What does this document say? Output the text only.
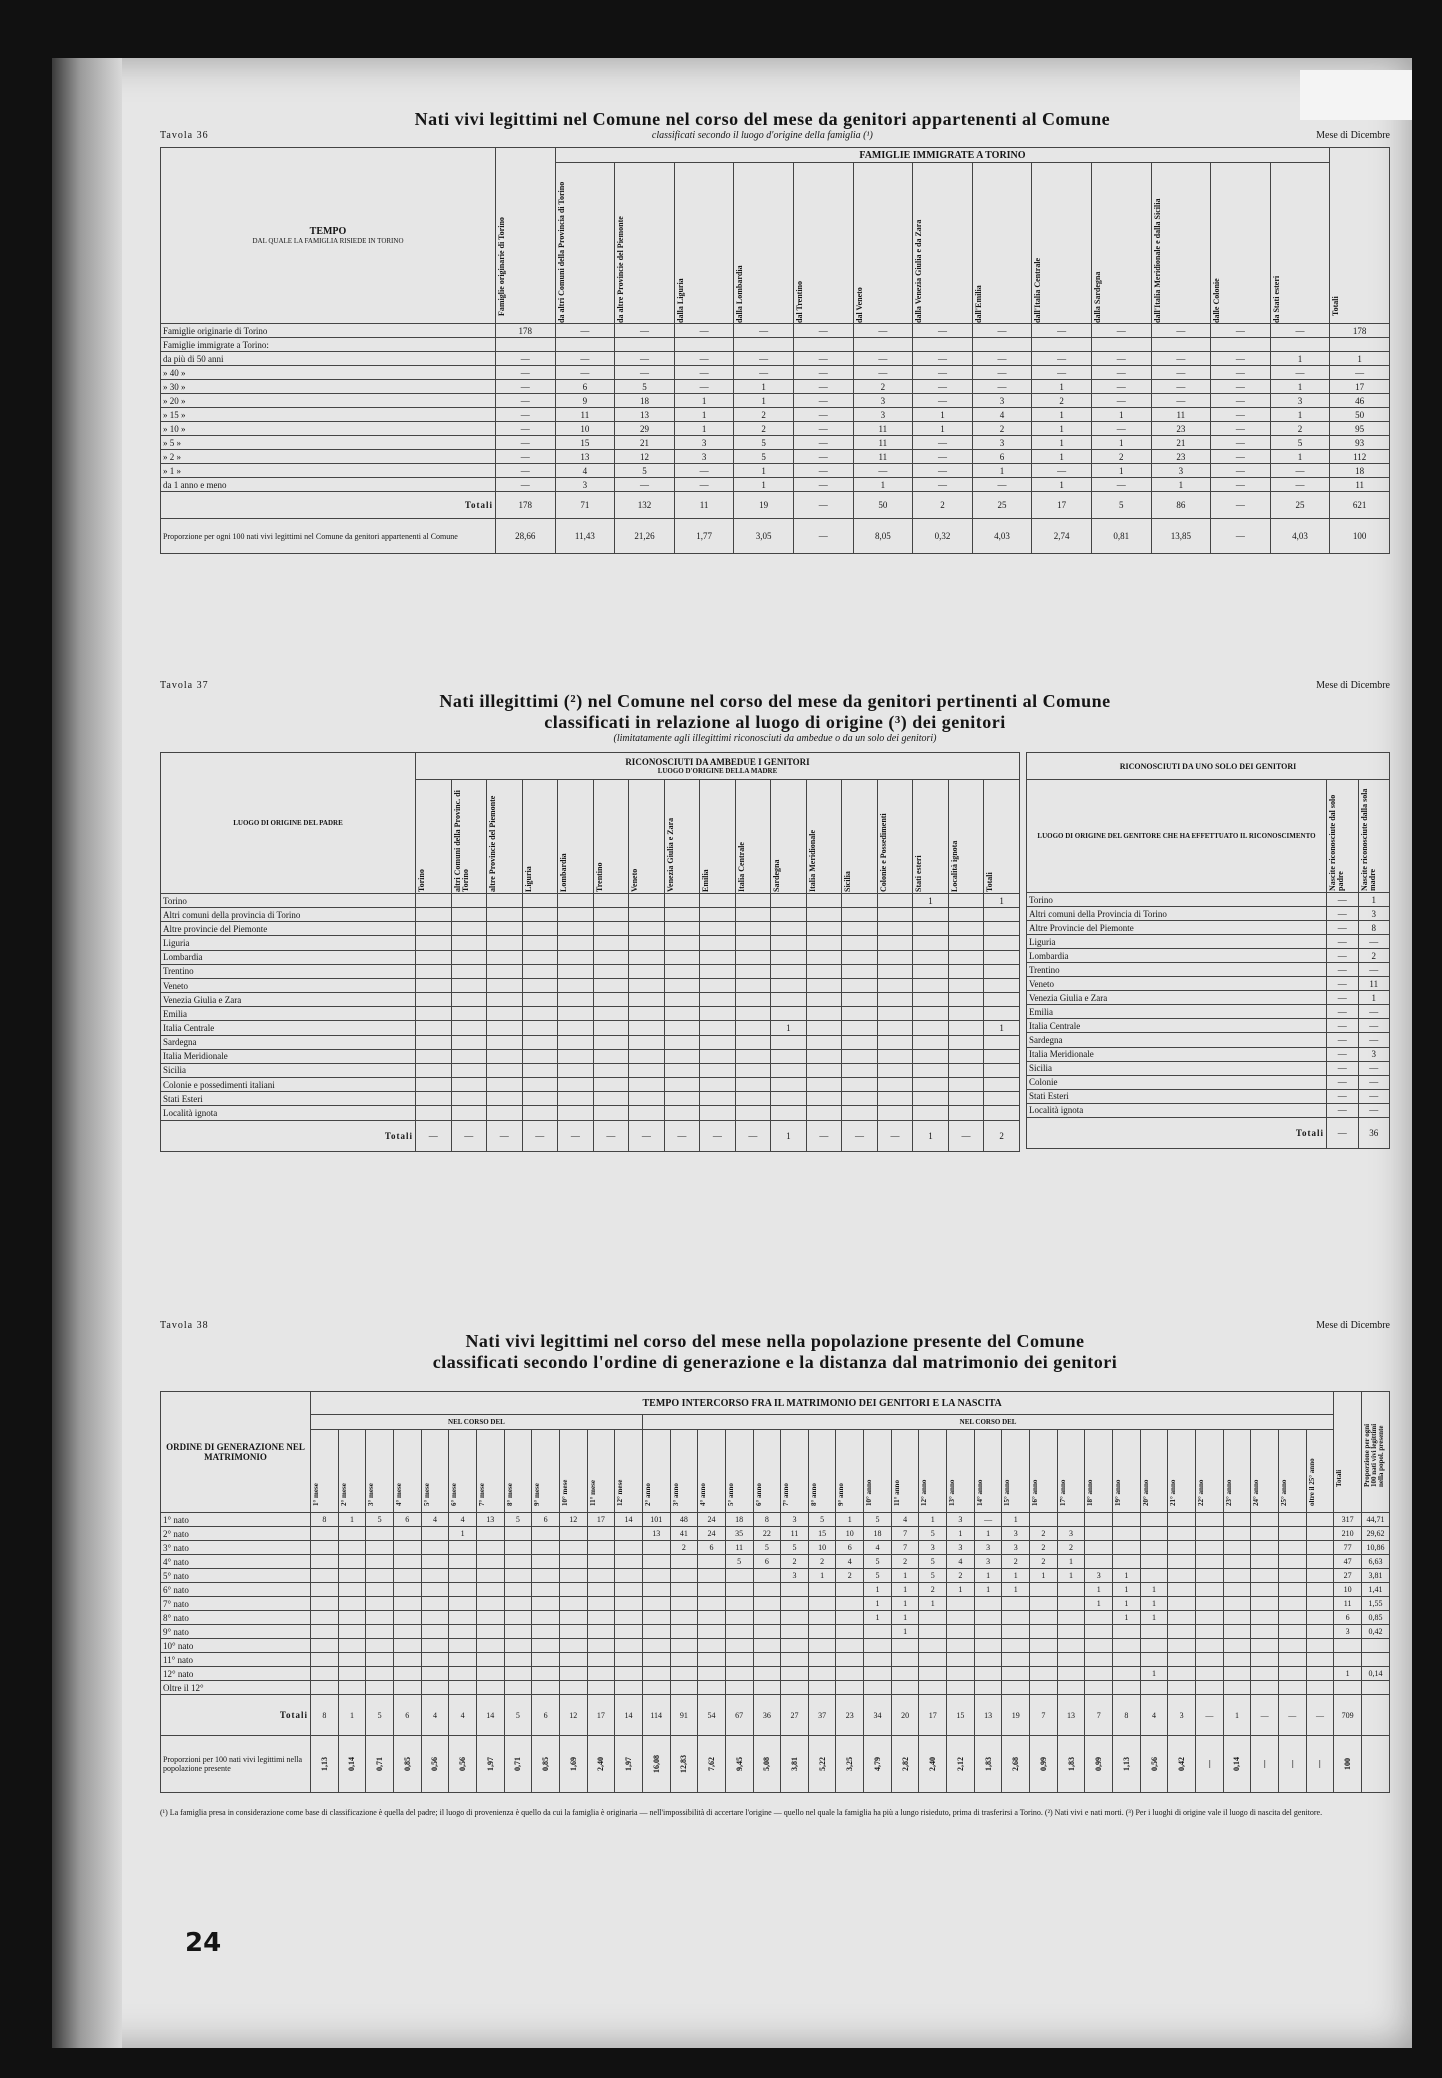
Tavola 36
Nati vivi legittimi nel Comune nel corso del mese da genitori appartenenti al Comune
classificati secondo il luogo d'origine della famiglia (¹)	Mese di Dicembre
TEMPO
DAL QUALE LA FAMIGLIA RISIEDE IN TORINO	Famiglie originarie di Torino	FAMIGLIE IMMIGRATE A TORINO													Totali

		da altri Comuni della Provincia di Torino	da altre Provincie del Piemonte	dalla Liguria	dalla Lombardia	dal Trentino	dal Veneto	dalla Venezia Giulia e da Zara	dall'Emilia	dall'Italia Centrale	dalla Sardegna	dall'Italia Meridionale e dalla Sicilia	dalle Colonie	da Stati esteri	

Famiglie originarie di Torino	178	—	—	—	—	—	—	—	—	—	—	—	—	—	178
Famiglie immigrate a Torino:															
da più di 50 anni	—	—	—	—	—	—	—	—	—	—	—	—	—	1	1
» 40 »	—	—	—	—	—	—	—	—	—	—	—	—	—	—	—
» 30 »	—	6	5	—	1	—	2	—	—	1	—	—	—	1	17
» 20 »	—	9	18	1	1	—	3	—	3	2	—	—	—	3	46
» 15 »	—	11	13	1	2	—	3	1	4	1	1	11	—	1	50
» 10 »	—	10	29	1	2	—	11	1	2	1	—	23	—	2	95
» 5 »	—	15	21	3	5	—	11	—	3	1	1	21	—	5	93
» 2 »	—	13	12	3	5	—	11	—	6	1	2	23	—	1	112
» 1 »	—	4	5	—	1	—	—	—	1	—	1	3	—	—	18
da 1 anno e meno	—	3	—	—	1	—	1	—	—	1	—	1	—	—	11
Totali	178	71	132	11	19	—	50	2	25	17	5	86	—	25	621
Proporzione per ogni 100 nati vivi legittimi nel Comune da genitori appartenenti al Comune	28,66	11,43	21,26	1,77	3,05	—	8,05	0,32	4,03	2,74	0,81	13,85	—	4,03	100
Tavola 37	Mese di Dicembre
Nati illegittimi (²) nel Comune nel corso del mese da genitori pertinenti al Comune
classificati in relazione al luogo di origine (³) dei genitori
(limitatamente agli illegittimi riconosciuti da ambedue o da un solo dei genitori)
LUOGO DI ORIGINE DEL PADRE	RICONOSCIUTI DA AMBEDUE I GENITORI
LUOGO D'ORIGINE DELLA MADRE																

	Torino	altri Comuni della Provinc. di Torino	altre Provincie del Piemonte	Liguria	Lombardia	Trentino	Veneto	Venezia Giulia e Zara	Emilia	Italia Centrale	Sardegna	Italia Meridionale	Sicilia	Colonie e Possedimenti	Stati esteri	Località ignota	Totali

Torino															1		1
Altri comuni della provincia di Torino																	
Altre provincie del Piemonte																	
Liguria																	
Lombardia																	
Trentino																	
Veneto																	
Venezia Giulia e Zara																	
Emilia																	
Italia Centrale											1						1
Sardegna																	
Italia Meridionale																	
Sicilia																	
Colonie e possedimenti italiani																	
Stati Esteri																	
Località ignota																	
Totali	—	—	—	—	—	—	—	—	—	—	1	—	—	—	1	—	2
RICONOSCIUTI DA UNO SOLO DEI GENITORI		
LUOGO DI ORIGINE DEL GENITORE CHE HA EFFETTUATO IL RICONOSCIMENTO	Nascite riconosciute dal solo padre	Nascite riconosciute dalla sola madre

Torino	—	1
Altri comuni della Provincia di Torino	—	3
Altre Provincie del Piemonte	—	8
Liguria	—	—
Lombardia	—	2
Trentino	—	—
Veneto	—	11
Venezia Giulia e Zara	—	1
Emilia	—	—
Italia Centrale	—	—
Sardegna	—	—
Italia Meridionale	—	3
Sicilia	—	—
Colonie	—	—
Stati Esteri	—	—
Località ignota	—	—
Totali	—	36
Tavola 38	Mese di Dicembre
Nati vivi legittimi nel corso del mese nella popolazione presente del Comune
classificati secondo l'ordine di generazione e la distanza dal matrimonio dei genitori
ORDINE DI GENERAZIONE NEL MATRIMONIO	TEMPO INTERCORSO FRA IL MATRIMONIO DEI GENITORI E LA NASCITA																																					Totali	Proporzione per ogni 100 nati vivi legittimi nella popol. presente

	NEL CORSO DEL												NEL CORSO DEL																										

	1° mese	2° mese	3° mese	4° mese	5° mese	6° mese	7° mese	8° mese	9° mese	10° mese	11° mese	12° mese	2° anno	3° anno	4° anno	5° anno	6° anno	7° anno	8° anno	9° anno	10° anno	11° anno	12° anno	13° anno	14° anno	15° anno	16° anno	17° anno	18° anno	19° anno	20° anno	21° anno	22° anno	23° anno	24° anno	25° anno	oltre il 25° anno		

1° nato	8	1	5	6	4	4	13	5	6	12	17	14	101	48	24	18	8	3	5	1	5	4	1	3	—	1												317	44,71
2° nato						1							13	41	24	35	22	11	15	10	18	7	5	1	1	3	2	3										210	29,62
3° nato														2	6	11	5	5	10	6	4	7	3	3	3	3	2	2										77	10,86
4° nato																5	6	2	2	4	5	2	5	4	3	2	2	1										47	6,63
5° nato																		3	1	2	5	1	5	2	1	1	1	1	3	1								27	3,81
6° nato																					1	1	2	1	1	1			1	1	1							10	1,41
7° nato																					1	1	1						1	1	1							11	1,55
8° nato																					1	1								1	1							6	0,85
9° nato																						1																3	0,42
10° nato																																							
11° nato																																							
12° nato																															1							1	0,14
Oltre il 12°																																							
Totali	8	1	5	6	4	4	14	5	6	12	17	14	114	91	54	67	36	27	37	23	34	20	17	15	13	19	7	13	7	8	4	3	—	1	—	—	—	709	
Proporzioni per 100 nati vivi legittimi nella popolazione presente	1,13	0,14	0,71	0,85	0,56	0,56	1,97	0,71	0,85	1,69	2,40	1,97	16,08	12,83	7,62	9,45	5,08	3,81	5,22	3,25	4,79	2,82	2,40	2,12	1,83	2,68	0,99	1,83	0,99	1,13	0,56	0,42	—	0,14	—	—	—	100	

(¹) La famiglia presa in considerazione come base di classificazione è quella del padre; il luogo di provenienza è quello da cui la famiglia è originaria — nell'impossibilità di accertare l'origine — quello nel quale la famiglia ha più a lungo risieduto, prima di trasferirsi a Torino. (²) Nati vivi e nati morti. (³) Per i luoghi di origine vale il luogo di nascita del genitore.
24
